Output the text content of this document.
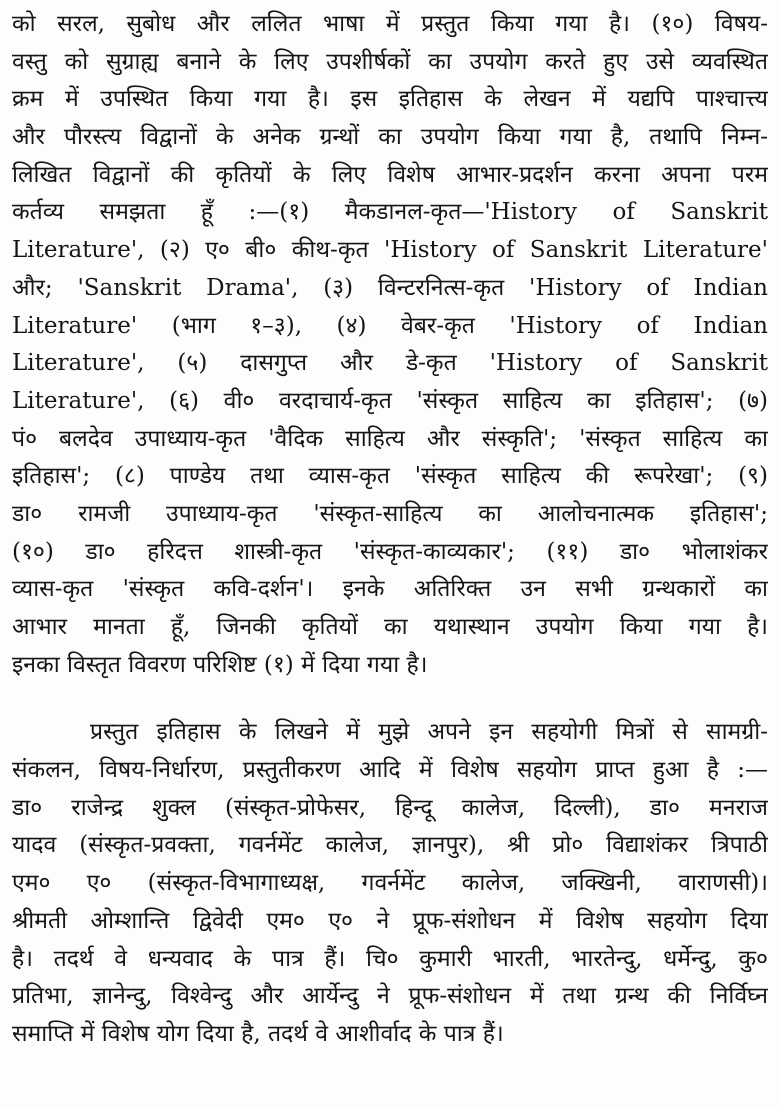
को सरल, सुबोध और ललित भाषा में प्रस्तुत किया गया है। (१०) विषय-
वस्तु को सुग्राह्य बनाने के लिए उपशीर्षकों का उपयोग करते हुए उसे व्यवस्थित
क्रम में उपस्थित किया गया है। इस इतिहास के लेखन में यद्यपि पाश्चात्त्य
और पौरस्त्य विद्वानों के अनेक ग्रन्थों का उपयोग किया गया है, तथापि निम्न-
लिखित विद्वानों की कृतियों के लिए विशेष आभार-प्रदर्शन करना अपना परम
कर्तव्य समझता हूँ :—(१) मैकडानल-कृत—'History of Sanskrit
Literature', (२) ए० बी० कीथ-कृत 'History of Sanskrit Literature'
और; 'Sanskrit Drama', (३) विन्टरनित्स-कृत 'History of Indian
Literature' (भाग १–३), (४) वेबर-कृत 'History of Indian
Literature', (५) दासगुप्त और डे-कृत 'History of Sanskrit
Literature', (६) वी० वरदाचार्य-कृत 'संस्कृत साहित्य का इतिहास'; (७)
पं० बलदेव उपाध्याय-कृत 'वैदिक साहित्य और संस्कृति'; 'संस्कृत साहित्य का
इतिहास'; (८) पाण्डेय तथा व्यास-कृत 'संस्कृत साहित्य की रूपरेखा'; (९)
डा० रामजी उपाध्याय-कृत 'संस्कृत-साहित्य का आलोचनात्मक इतिहास';
(१०) डा० हरिदत्त शास्त्री-कृत 'संस्कृत-काव्यकार'; (११) डा० भोलाशंकर
व्यास-कृत 'संस्कृत कवि-दर्शन'। इनके अतिरिक्त उन सभी ग्रन्थकारों का
आभार मानता हूँ, जिनकी कृतियों का यथास्थान उपयोग किया गया है।
इनका विस्तृत विवरण परिशिष्ट (१) में दिया गया है।
प्रस्तुत इतिहास के लिखने में मुझे अपने इन सहयोगी मित्रों से सामग्री-
संकलन, विषय-निर्धारण, प्रस्तुतीकरण आदि में विशेष सहयोग प्राप्त हुआ है :—
डा० राजेन्द्र शुक्ल (संस्कृत-प्रोफेसर, हिन्दू कालेज, दिल्ली), डा० मनराज
यादव (संस्कृत-प्रवक्ता, गवर्नमेंट कालेज, ज्ञानपुर), श्री प्रो० विद्याशंकर त्रिपाठी
एम० ए० (संस्कृत-विभागाध्यक्ष, गवर्नमेंट कालेज, जक्खिनी, वाराणसी)।
श्रीमती ओम्शान्ति द्विवेदी एम० ए० ने प्रूफ-संशोधन में विशेष सहयोग दिया
है। तदर्थ वे धन्यवाद के पात्र हैं। चि० कुमारी भारती, भारतेन्दु, धर्मेन्दु, कु०
प्रतिभा, ज्ञानेन्दु, विश्वेन्दु और आर्येन्दु ने प्रूफ-संशोधन में तथा ग्रन्थ की निर्विघ्न
समाप्ति में विशेष योग दिया है, तदर्थ वे आशीर्वाद के पात्र हैं।
